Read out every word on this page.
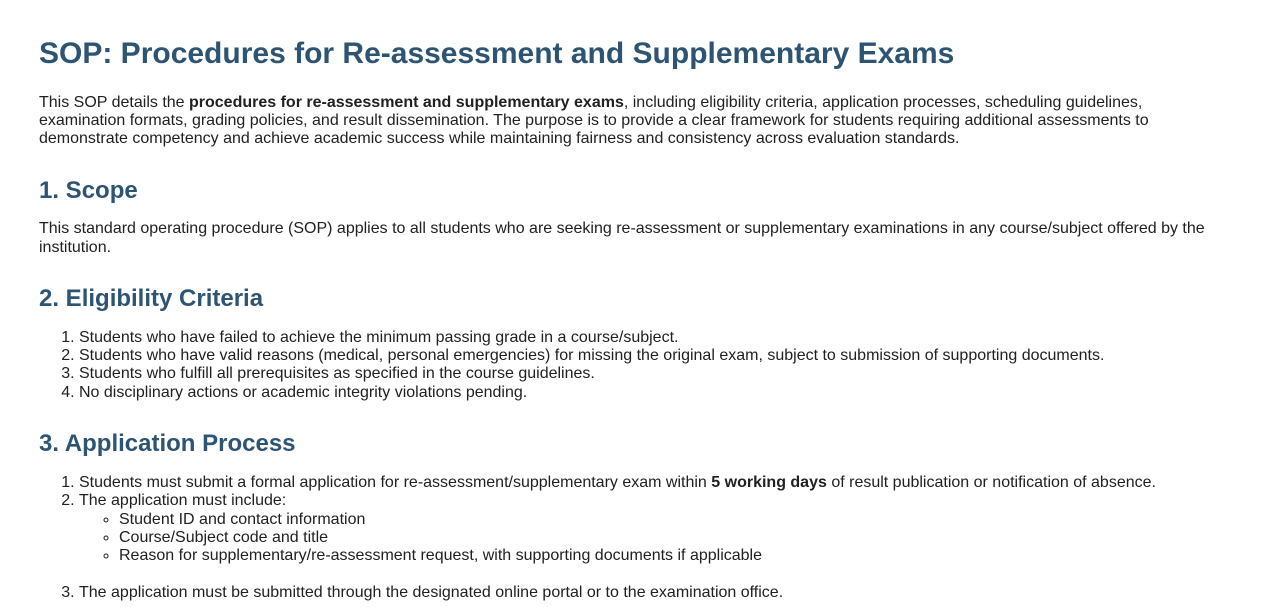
SOP: Procedures for Re-assessment and Supplementary Exams

This SOP details the procedures for re-assessment and supplementary exams, including eligibility criteria, application processes, scheduling guidelines, examination formats, grading policies, and result dissemination. The purpose is to provide a clear framework for students requiring additional assessments to demonstrate competency and achieve academic success while maintaining fairness and consistency across evaluation standards.

1. Scope

This standard operating procedure (SOP) applies to all students who are seeking re-assessment or supplementary examinations in any course/subject offered by the institution.

2. Eligibility Criteria
1. Students who have failed to achieve the minimum passing grade in a course/subject.
2. Students who have valid reasons (medical, personal emergencies) for missing the original exam, subject to submission of supporting documents.
3. Students who fulfill all prerequisites as specified in the course guidelines.
4. No disciplinary actions or academic integrity violations pending.
3. Application Process
1. Students must submit a formal application for re-assessment/supplementary exam within 5 working days of result publication or notification of absence.
2. The application must include:
◦ Student ID and contact information
◦ Course/Subject code and title
◦ Reason for supplementary/re-assessment request, with supporting documents if applicable
3. The application must be submitted through the designated online portal or to the examination office.
